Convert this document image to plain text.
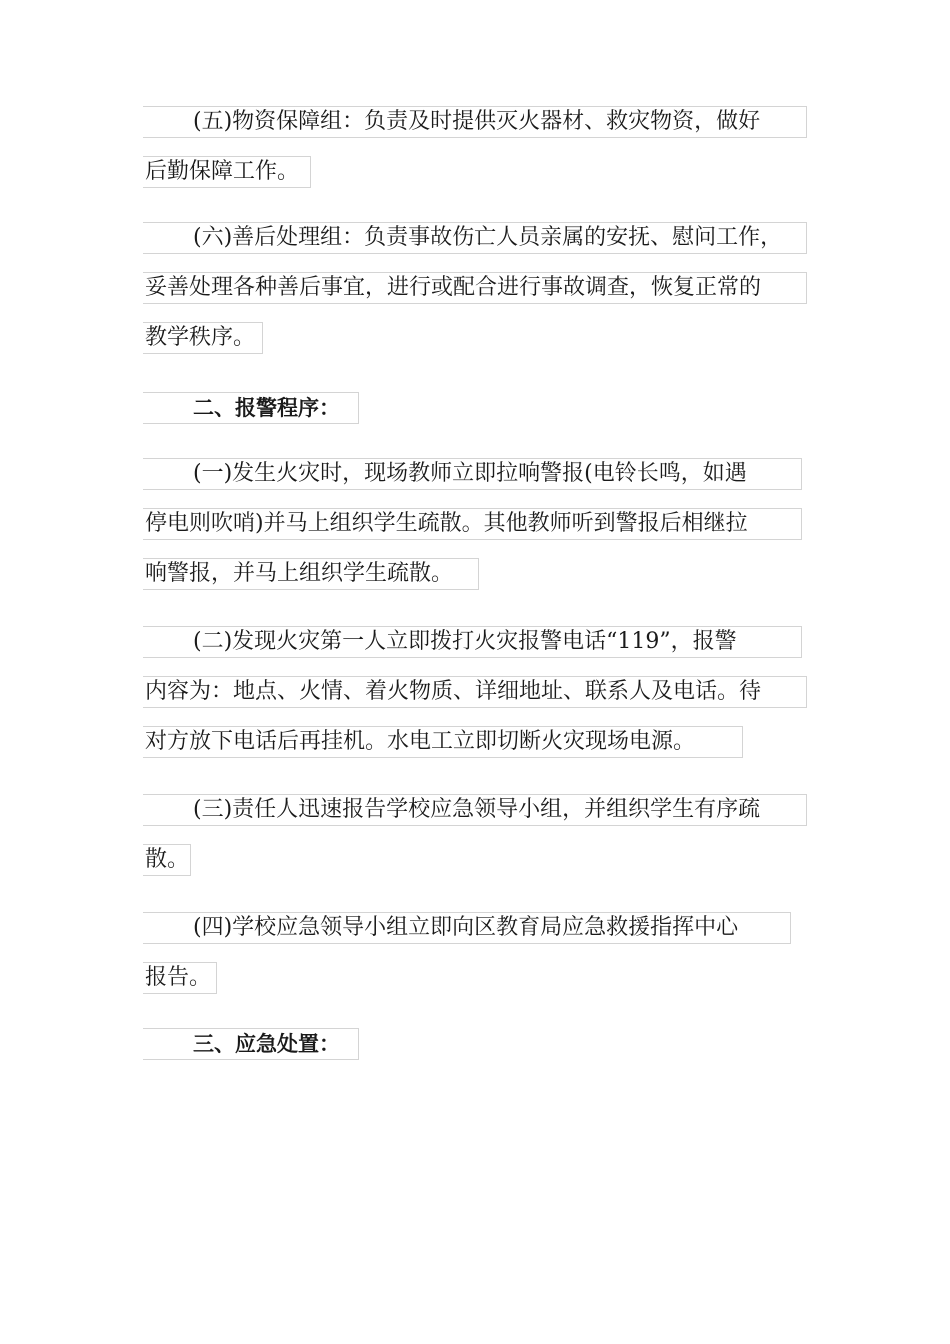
(五)物资保障组：负责及时提供灭火器材、救灾物资，做好
后勤保障工作。
(六)善后处理组：负责事故伤亡人员亲属的安抚、慰问工作，
妥善处理各种善后事宜，进行或配合进行事故调查，恢复正常的
教学秩序。
二、报警程序：
(一)发生火灾时，现场教师立即拉响警报(电铃长鸣，如遇
停电则吹哨)并马上组织学生疏散。其他教师听到警报后相继拉
响警报，并马上组织学生疏散。
(二)发现火灾第一人立即拨打火灾报警电话“119”，报警
内容为：地点、火情、着火物质、详细地址、联系人及电话。待
对方放下电话后再挂机。水电工立即切断火灾现场电源。
(三)责任人迅速报告学校应急领导小组，并组织学生有序疏
散。
(四)学校应急领导小组立即向区教育局应急救援指挥中心
报告。
三、应急处置：
